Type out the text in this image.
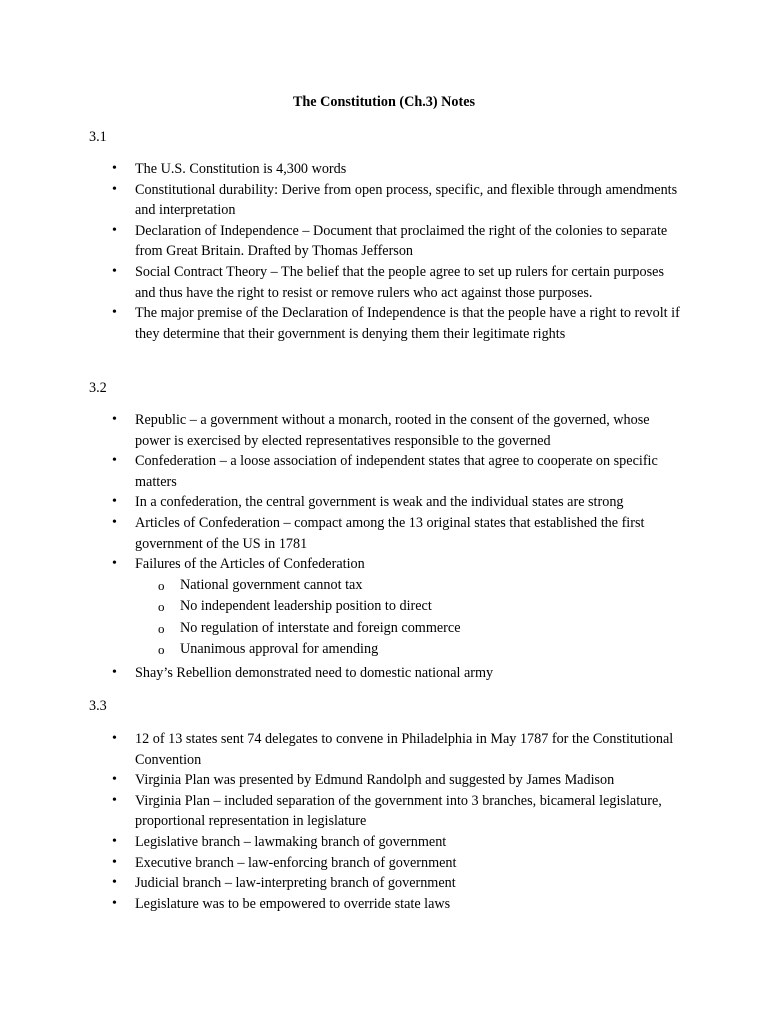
The Constitution (Ch.3) Notes

3.1

• The U.S. Constitution is 4,300 words
• Constitutional durability: Derive from open process, specific, and flexible through amendments and interpretation
• Declaration of Independence – Document that proclaimed the right of the colonies to separate from Great Britain. Drafted by Thomas Jefferson
• Social Contract Theory – The belief that the people agree to set up rulers for certain purposes and thus have the right to resist or remove rulers who act against those purposes.
• The major premise of the Declaration of Independence is that the people have a right to revolt if they determine that their government is denying them their legitimate rights

3.2

• Republic – a government without a monarch, rooted in the consent of the governed, whose power is exercised by elected representatives responsible to the governed
• Confederation – a loose association of independent states that agree to cooperate on specific matters
• In a confederation, the central government is weak and the individual states are strong
• Articles of Confederation – compact among the 13 original states that established the first government of the US in 1781
• Failures of the Articles of Confederation
o National government cannot tax
o No independent leadership position to direct
o No regulation of interstate and foreign commerce
o Unanimous approval for amending
• Shay’s Rebellion demonstrated need to domestic national army

3.3

• 12 of 13 states sent 74 delegates to convene in Philadelphia in May 1787 for the Constitutional Convention
• Virginia Plan was presented by Edmund Randolph and suggested by James Madison
• Virginia Plan – included separation of the government into 3 branches, bicameral legislature, proportional representation in legislature
• Legislative branch – lawmaking branch of government
• Executive branch – law-enforcing branch of government
• Judicial branch – law-interpreting branch of government
• Legislature was to be empowered to override state laws
